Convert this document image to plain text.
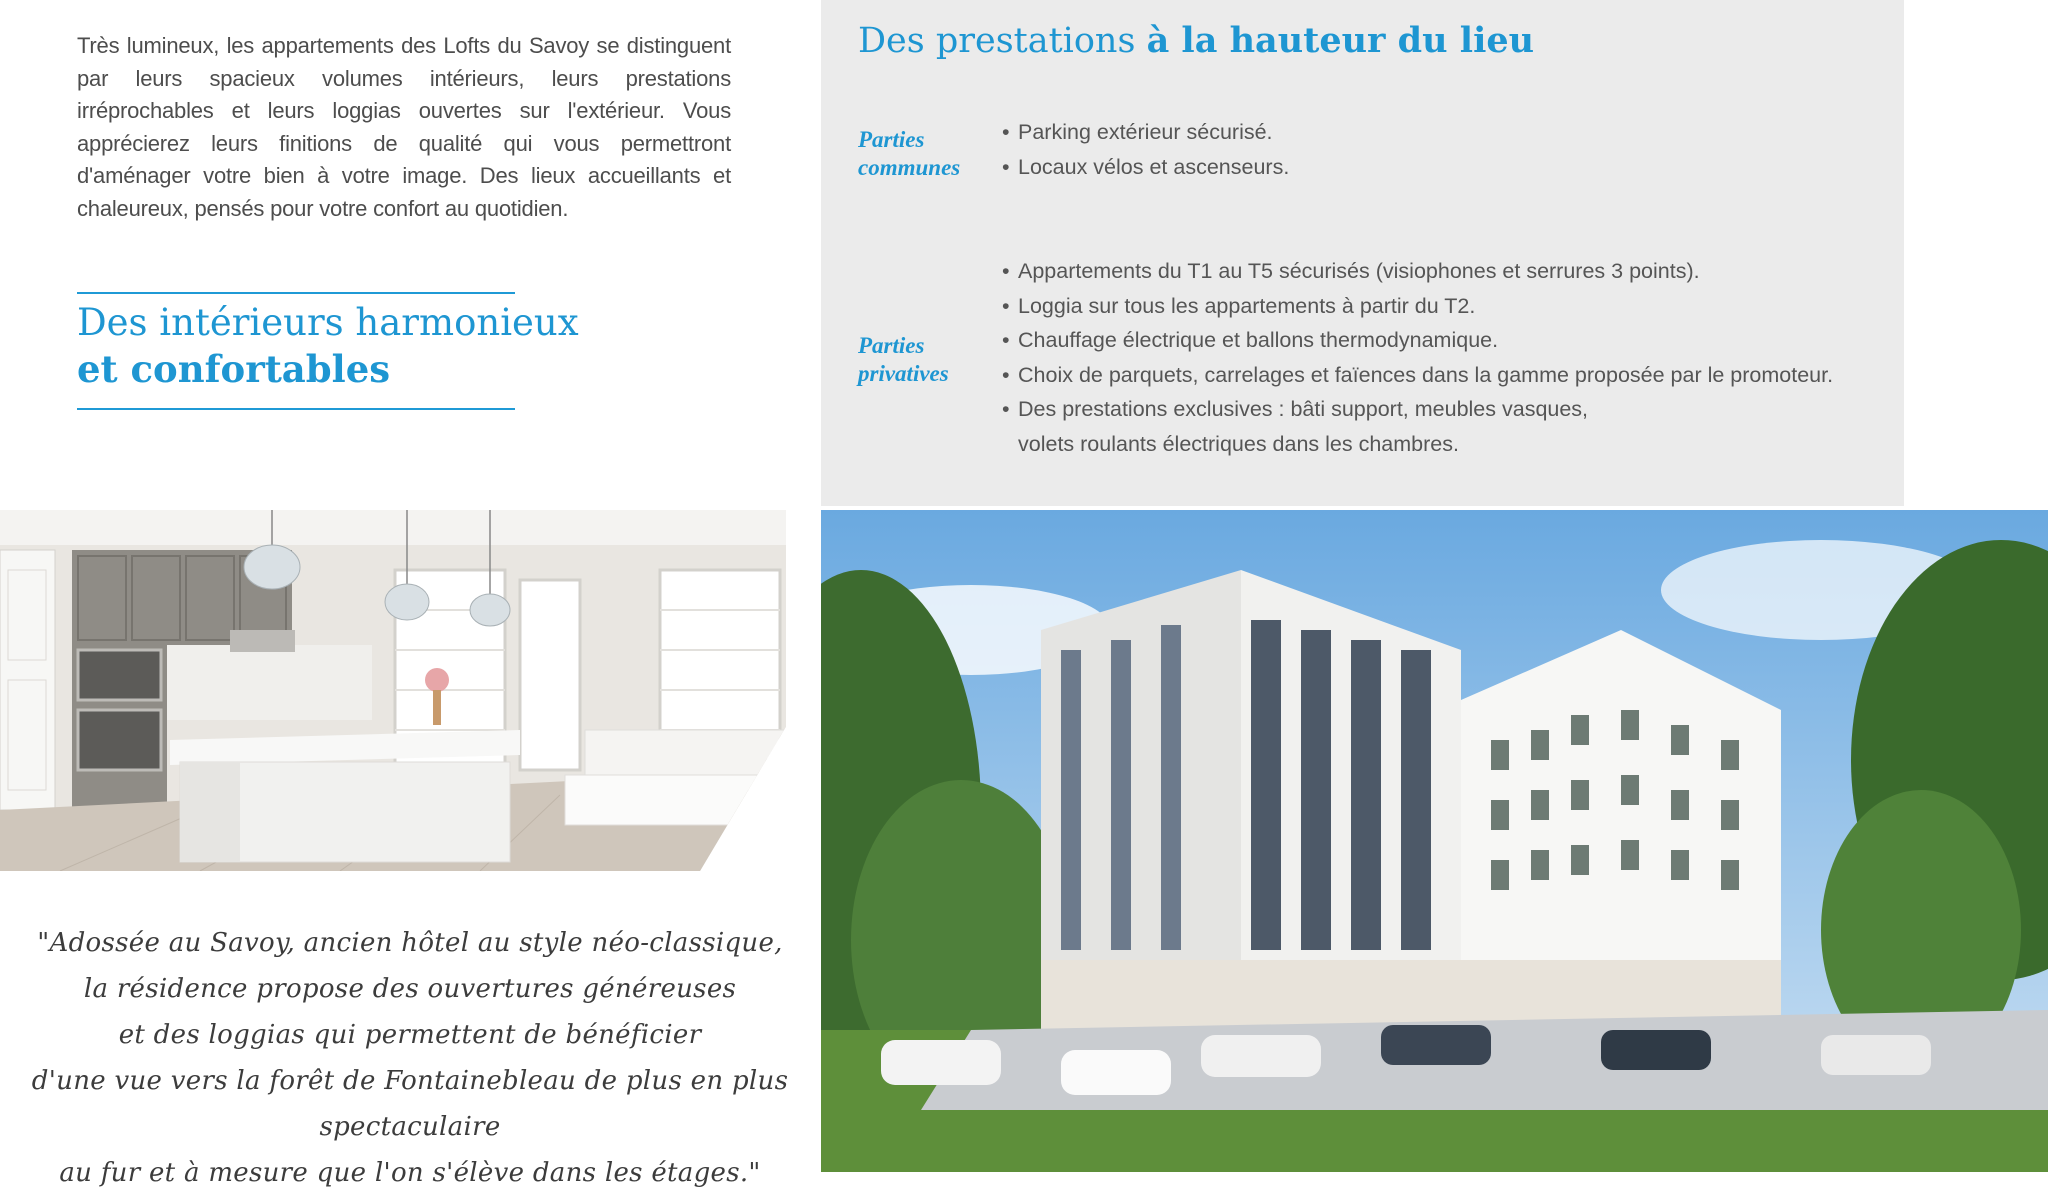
Très lumineux, les appartements des Lofts du Savoy se distinguent par leurs spacieux volumes intérieurs, leurs prestations irréprochables et leurs loggias ouvertes sur l'extérieur. Vous apprécierez leurs finitions de qualité qui vous permettront d'aménager votre bien à votre image. Des lieux accueillants et chaleureux, pensés pour votre confort au quotidien.

Des intérieurs harmonieux
et confortables
Des prestations à la hauteur du lieu
Parties
communes
• Parking extérieur sécurisé.
• Locaux vélos et ascenseurs.
Parties
privatives
• Appartements du T1 au T5 sécurisés (visiophones et serrures 3 points).
• Loggia sur tous les appartements à partir du T2.
• Chauffage électrique et ballons thermodynamique.
• Choix de parquets, carrelages et faïences dans la gamme proposée par le promoteur.
• Des prestations exclusives : bâti support, meubles vasques,
volets roulants électriques dans les chambres.

"Adossée au Savoy, ancien hôtel au style néo-classique,
la résidence propose des ouvertures généreuses
et des loggias qui permettent de bénéficier
d'une vue vers la forêt de Fontainebleau de plus en plus spectaculaire
au fur et à mesure que l'on s'élève dans les étages."
